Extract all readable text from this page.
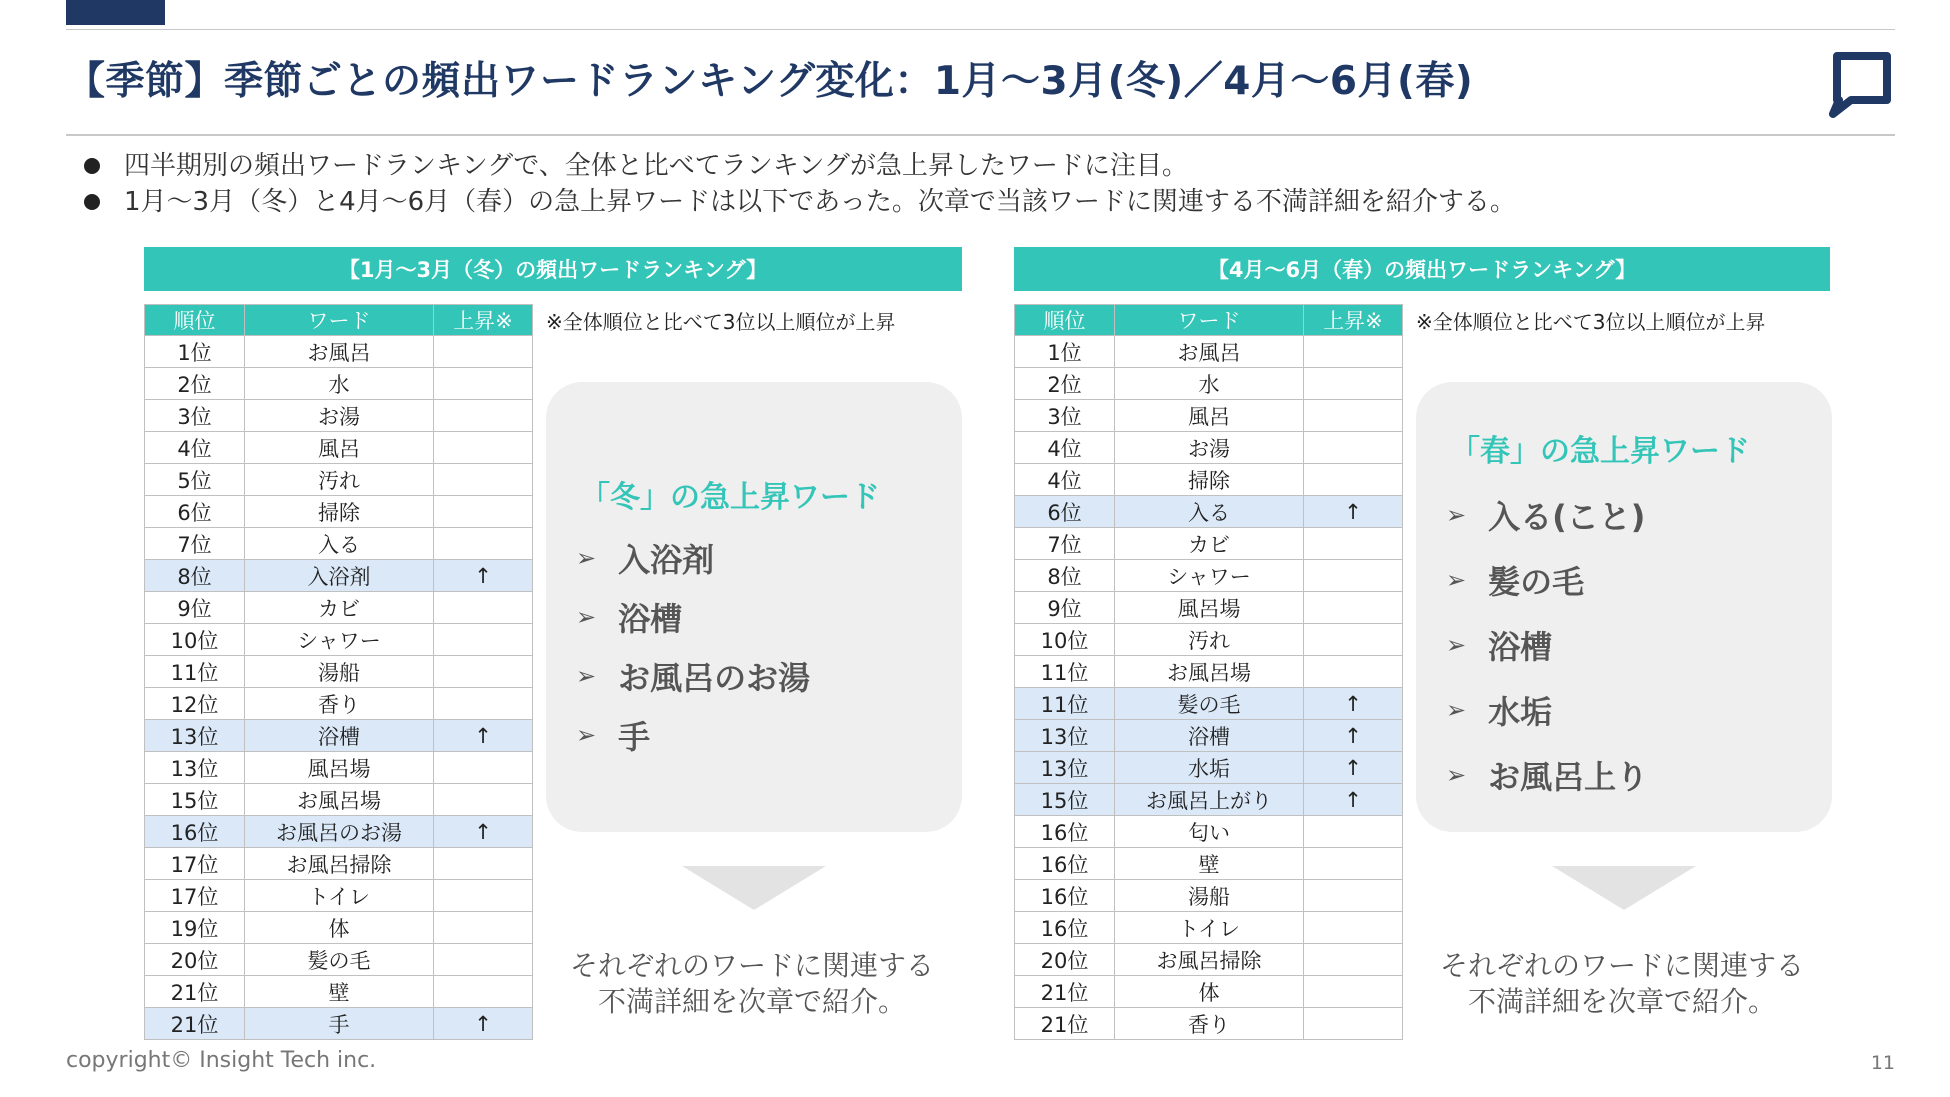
【季節】季節ごとの頻出ワードランキング変化：1月～3月(冬)／4月～6月(春)
四半期別の頻出ワードランキングで、全体と比べてランキングが急上昇したワードに注目。
1月～3月（冬）と4月～6月（春）の急上昇ワードは以下であった。次章で当該ワードに関連する不満詳細を紹介する。
【1月～3月（冬）の頻出ワードランキング】
順位	ワード	上昇※
1位	お風呂	
2位	水	
3位	お湯	
4位	風呂	
5位	汚れ	
6位	掃除	
7位	入る	
8位	入浴剤	↑
9位	カビ	
10位	シャワー	
11位	湯船	
12位	香り	
13位	浴槽	↑
13位	風呂場	
15位	お風呂場	
16位	お風呂のお湯	↑
17位	お風呂掃除	
17位	トイレ	
19位	体	
20位	髪の毛	
21位	壁	
21位	手	↑
※全体順位と比べて3位以上順位が上昇
「冬」の急上昇ワード
➢ 入浴剤
➢ 浴槽
➢ お風呂のお湯
➢ 手
それぞれのワードに関連する
不満詳細を次章で紹介。
【4月～6月（春）の頻出ワードランキング】
順位	ワード	上昇※
1位	お風呂	
2位	水	
3位	風呂	
4位	お湯	
4位	掃除	
6位	入る	↑
7位	カビ	
8位	シャワー	
9位	風呂場	
10位	汚れ	
11位	お風呂場	
11位	髪の毛	↑
13位	浴槽	↑
13位	水垢	↑
15位	お風呂上がり	↑
16位	匂い	
16位	壁	
16位	湯船	
16位	トイレ	
20位	お風呂掃除	
21位	体	
21位	香り	
※全体順位と比べて3位以上順位が上昇
「春」の急上昇ワード
➢ 入る(こと)
➢ 髪の毛
➢ 浴槽
➢ 水垢
➢ お風呂上り
それぞれのワードに関連する
不満詳細を次章で紹介。
copyright© Insight Tech inc.	11
